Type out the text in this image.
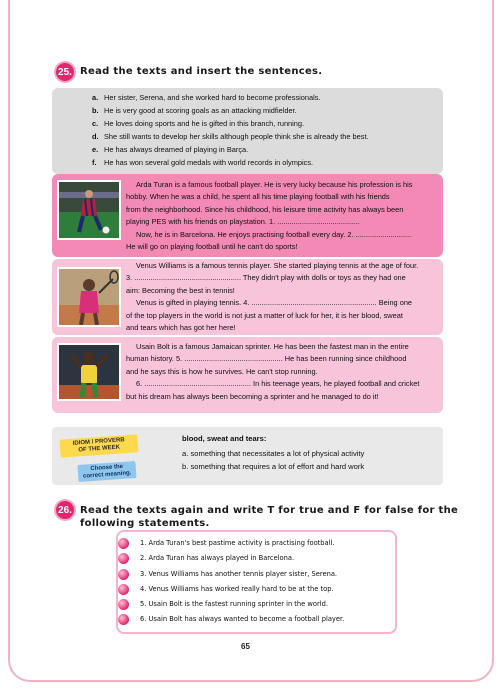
25. Read the texts and insert the sentences.
a. Her sister, Serena, and she worked hard to become professionals.
b. He is very good at scoring goals as an attacking midfielder.
c. He loves doing sports and he is gifted in this branch, running.
d. She still wants to develop her skills although people think she is already the best.
e. He has always dreamed of playing in Barça.
f. He has won several gold medals with world records in olympics.

Arda Turan is a famous football player. He is very lucky because his profession is his

hobby. When he was a child, he spent all his time playing football with his friends

from the neighborhood. Since his childhood, his leisure time activity has always been

playing PES with his friends on playstation. 1. ........................................

Now, he is in Barcelona. He enjoys practising football every day. 2. ...........................

He will go on playing football until he can't do sports!

Venus Williams is a famous tennis player. She started playing tennis at the age of four.

3. .................................................... They didn't play with dolls or toys as they had one

aim: Becoming the best in tennis!

Venus is gifted in playing tennis. 4. ............................................................. Being one

of the top players in the world is not just a matter of luck for her, it is her blood, sweat

and tears which has got her here!

Usain Bolt is a famous Jamaican sprinter. He has been the fastest man in the entire

human history. 5. ................................................ He has been running since childhood

and he says this is how he survives. He can't stop running.

6. .................................................... In his teenage years, he played football and cricket

but his dream has always been becoming a sprinter and he managed to do it!

IDIOM / PROVERB
OF THE WEEK
Choose the
correct meaning.
blood, sweat and tears:
a. something that necessitates a lot of physical activity
b. something that requires a lot of effort and hard work
26. Read the texts again and write T for true and F for false for the
following statements.
1. Arda Turan's best pastime activity is practising football.
2. Arda Turan has always played in Barcelona.
3. Venus Williams has another tennis player sister, Serena.
4. Venus Williams has worked really hard to be at the top.
5. Usain Bolt is the fastest running sprinter in the world.
6. Usain Bolt has always wanted to become a football player.
65
